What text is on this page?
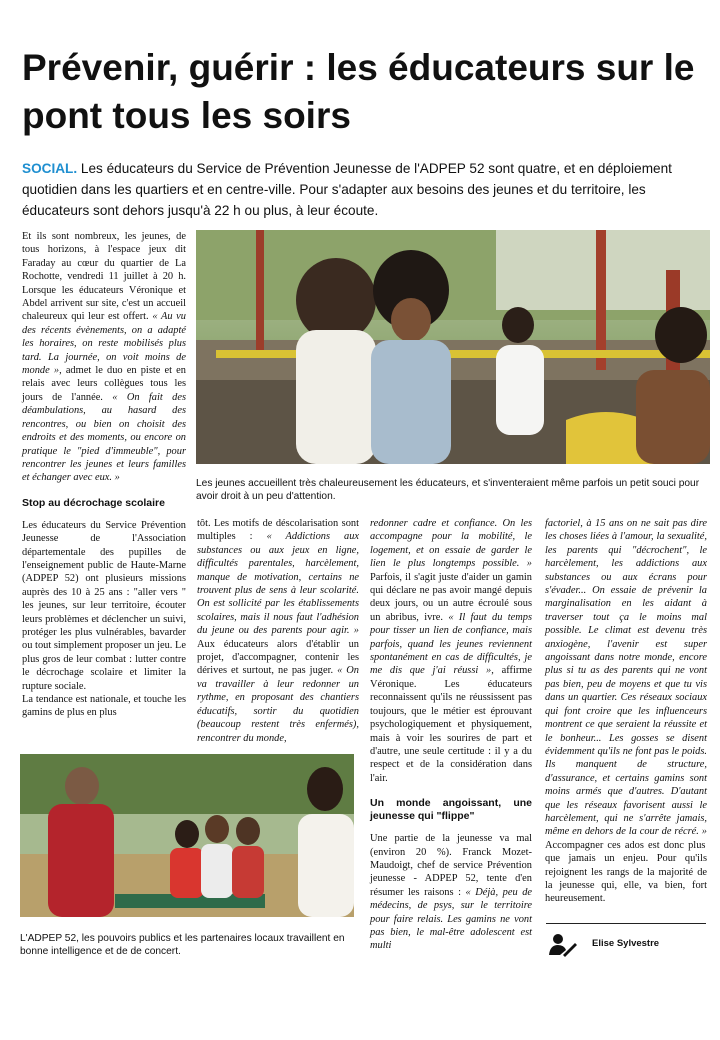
Prévenir, guérir : les éducateurs sur le pont tous les soirs
SOCIAL. Les éducateurs du Service de Prévention Jeunesse de l'ADPEP 52 sont quatre, et en déploiement quotidien dans les quartiers et en centre-ville. Pour s'adapter aux besoins des jeunes et du territoire, les éducateurs sont dehors jusqu'à 22 h ou plus, à leur écoute.

Et ils sont nombreux, les jeunes, de tous horizons, à l'espace jeux dit Faraday au cœur du quartier de La Rochotte, vendredi 11 juillet à 20 h. Lorsque les éducateurs Véronique et Abdel arrivent sur site, c'est un accueil chaleureux qui leur est offert. « Au vu des récents évènements, on a adapté les horaires, on reste mobilisés plus tard. La journée, on voit moins de monde », admet le duo en piste et en relais avec leurs collègues tous les jours de l'année. « On fait des déambulations, au hasard des rencontres, ou bien on choisit des endroits et des moments, ou encore on pratique le "pied d'immeuble", pour rencontrer les jeunes et leurs familles et échanger avec eux. »

Stop au décrochage scolaire

Les éducateurs du Service Prévention Jeunesse de l'Association départementale des pupilles de l'enseignement public de Haute-Marne (ADPEP 52) ont plusieurs missions auprès des 10 à 25 ans : "aller vers " les jeunes, sur leur territoire, écouter leurs problèmes et déclencher un suivi, protéger les plus vulnérables, bavarder ou tout simplement proposer un jeu. Le plus gros de leur combat : lutter contre le décrochage scolaire et limiter la rupture sociale.

La tendance est nationale, et touche les gamins de plus en plus

Les jeunes accueillent très chaleureusement les éducateurs, et s'inventeraient même parfois un petit souci pour avoir droit à un peu d'attention.

tôt. Les motifs de déscolarisation sont multiples : « Addictions aux substances ou aux jeux en ligne, difficultés parentales, harcèlement, manque de motivation, certains ne trouvent plus de sens à leur scolarité. On est sollicité par les établissements scolaires, mais il nous faut l'adhésion du jeune ou des parents pour agir. » Aux éducateurs alors d'établir un projet, d'accompagner, contenir les dérives et surtout, ne pas juger. « On va travailler à leur redonner un rythme, en proposant des chantiers éducatifs, sortir du quotidien (beaucoup restent très enfermés), rencontrer du monde,

redonner cadre et confiance. On les accompagne pour la mobilité, le logement, et on essaie de garder le lien le plus longtemps possible. » Parfois, il s'agit juste d'aider un gamin qui déclare ne pas avoir mangé depuis deux jours, ou un autre écroulé sous un abribus, ivre. « Il faut du temps pour tisser un lien de confiance, mais parfois, quand les jeunes reviennent spontanément en cas de difficultés, je me dis que j'ai réussi », affirme Véronique. Les éducateurs reconnaissent qu'ils ne réussissent pas toujours, que le métier est éprouvant psychologiquement et physiquement, mais à voir les sourires de part et d'autre, une seule certitude : il y a du respect et de la considération dans l'air.

Un monde angoissant, une jeunesse qui "flippe"

Une partie de la jeunesse va mal (environ 20 %). Franck Mozet-Maudoigt, chef de service Prévention jeunesse - ADPEP 52, tente d'en résumer les raisons : « Déjà, peu de médecins, de psys, sur le territoire pour faire relais. Les gamins ne vont pas bien, le mal-être adolescent est multi

factoriel, à 15 ans on ne sait pas dire les choses liées à l'amour, la sexualité, les parents qui "décrochent", le harcèlement, les addictions aux substances ou aux écrans pour s'évader... On essaie de prévenir la marginalisation en les aidant à traverser tout ça le moins mal possible. Le climat est devenu très anxiogène, l'avenir est super angoissant dans notre monde, encore plus si tu as des parents qui ne vont pas bien, peu de moyens et que tu vis dans un quartier. Ces réseaux sociaux qui font croire que les influenceurs montrent ce que seraient la réussite et le bonheur... Les gosses se disent évidemment qu'ils ne font pas le poids. Ils manquent de structure, d'assurance, et certains gamins sont moins armés que d'autres. D'autant que les réseaux favorisent aussi le harcèlement, qui ne s'arrête jamais, même en dehors de la cour de récré. » Accompagner ces ados est donc plus que jamais un enjeu. Pour qu'ils rejoignent les rangs de la majorité de la jeunesse qui, elle, va bien, fort heureusement.

L'ADPEP 52, les pouvoirs publics et les partenaires locaux travaillent en bonne intelligence et de de concert.
Elise Sylvestre
